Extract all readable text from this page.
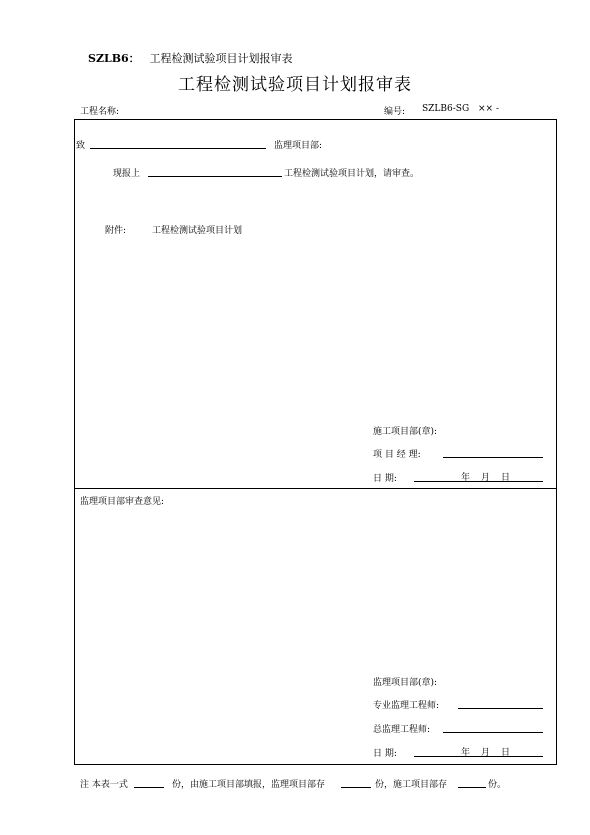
SZLB6： 工程检测试验项目计划报审表
工程检测试验项目计划报审表
工程名称:	编号: SZLB6-SG ×× -
致	监理项目部:
现报上	工程检测试验项目计划，请审查。
附件:	工程检测试验项目计划
施工项目部(章):
项 目 经 理:
日 期:	年 月 日
监理项目部审查意见:
监理项目部(章):
专业监理工程师:
总监理工程师:
日 期:	年 月 日
注 本表一式	份，由施工项目部填报，监理项目部存	份，施工项目部存	份。
